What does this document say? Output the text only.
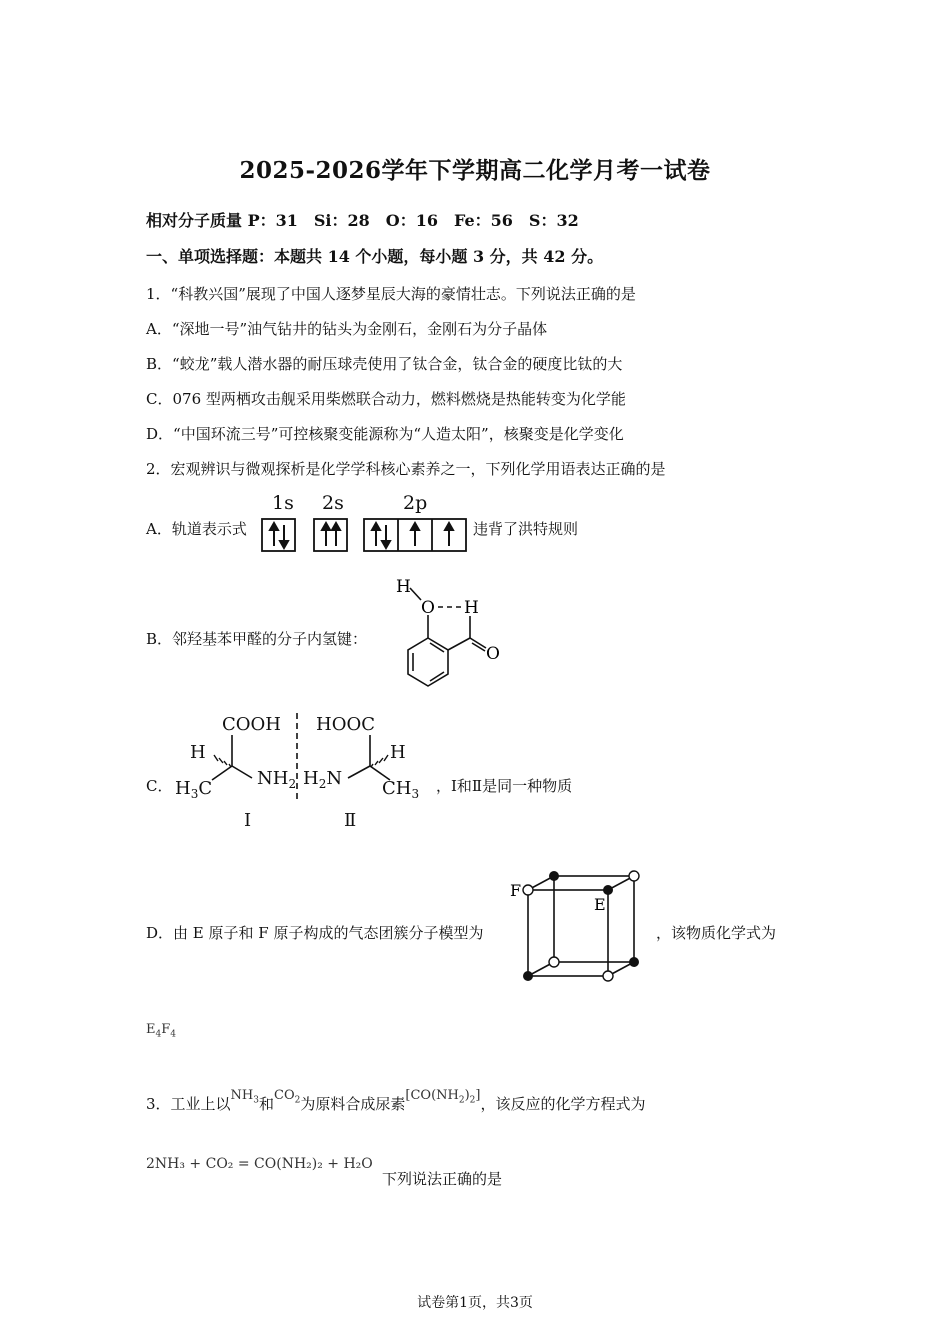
2025-2026学年下学期高二化学月考一试卷
相对分子质量 P：31　Si：28　O：16　Fe：56　S：32
一、单项选择题：本题共 14 个小题，每小题 3 分，共 42 分。
1．“科教兴国”展现了中国人逐梦星辰大海的豪情壮志。下列说法正确的是
A．“深地一号”油气钻井的钻头为金刚石，金刚石为分子晶体
B．“蛟龙”载人潜水器的耐压球壳使用了钛合金，钛合金的硬度比钛的大
C．076 型两栖攻击舰采用柴燃联合动力，燃料燃烧是热能转变为化学能
D．“中国环流三号”可控核聚变能源称为“人造太阳”，核聚变是化学变化
2．宏观辨识与微观探析是化学学科核心素养之一，下列化学用语表达正确的是
A．轨道表示式
1s 2s	2p
违背了洪特规则
B．邻羟基苯甲醛的分子内氢键：
H
O H
O
C．
COOH HOOC
H	H
$H_3C$ $NH_2$ $H_2N$ $CH_3$
Ⅰ	Ⅱ
，Ⅰ和Ⅱ是同一种物质
D．由 E 原子和 F 原子构成的气态团簇分子模型为
F
E
，该物质化学式为
$E_4F_4$
3．工业上以$NH_3$和$CO_2$为原料合成尿素$[CO(NH_2)_2]$，该反应的化学方程式为
2NH₃ + CO₂ = CO(NH₂)₂ + H₂O
下列说法正确的是
试卷第1页，共3页
